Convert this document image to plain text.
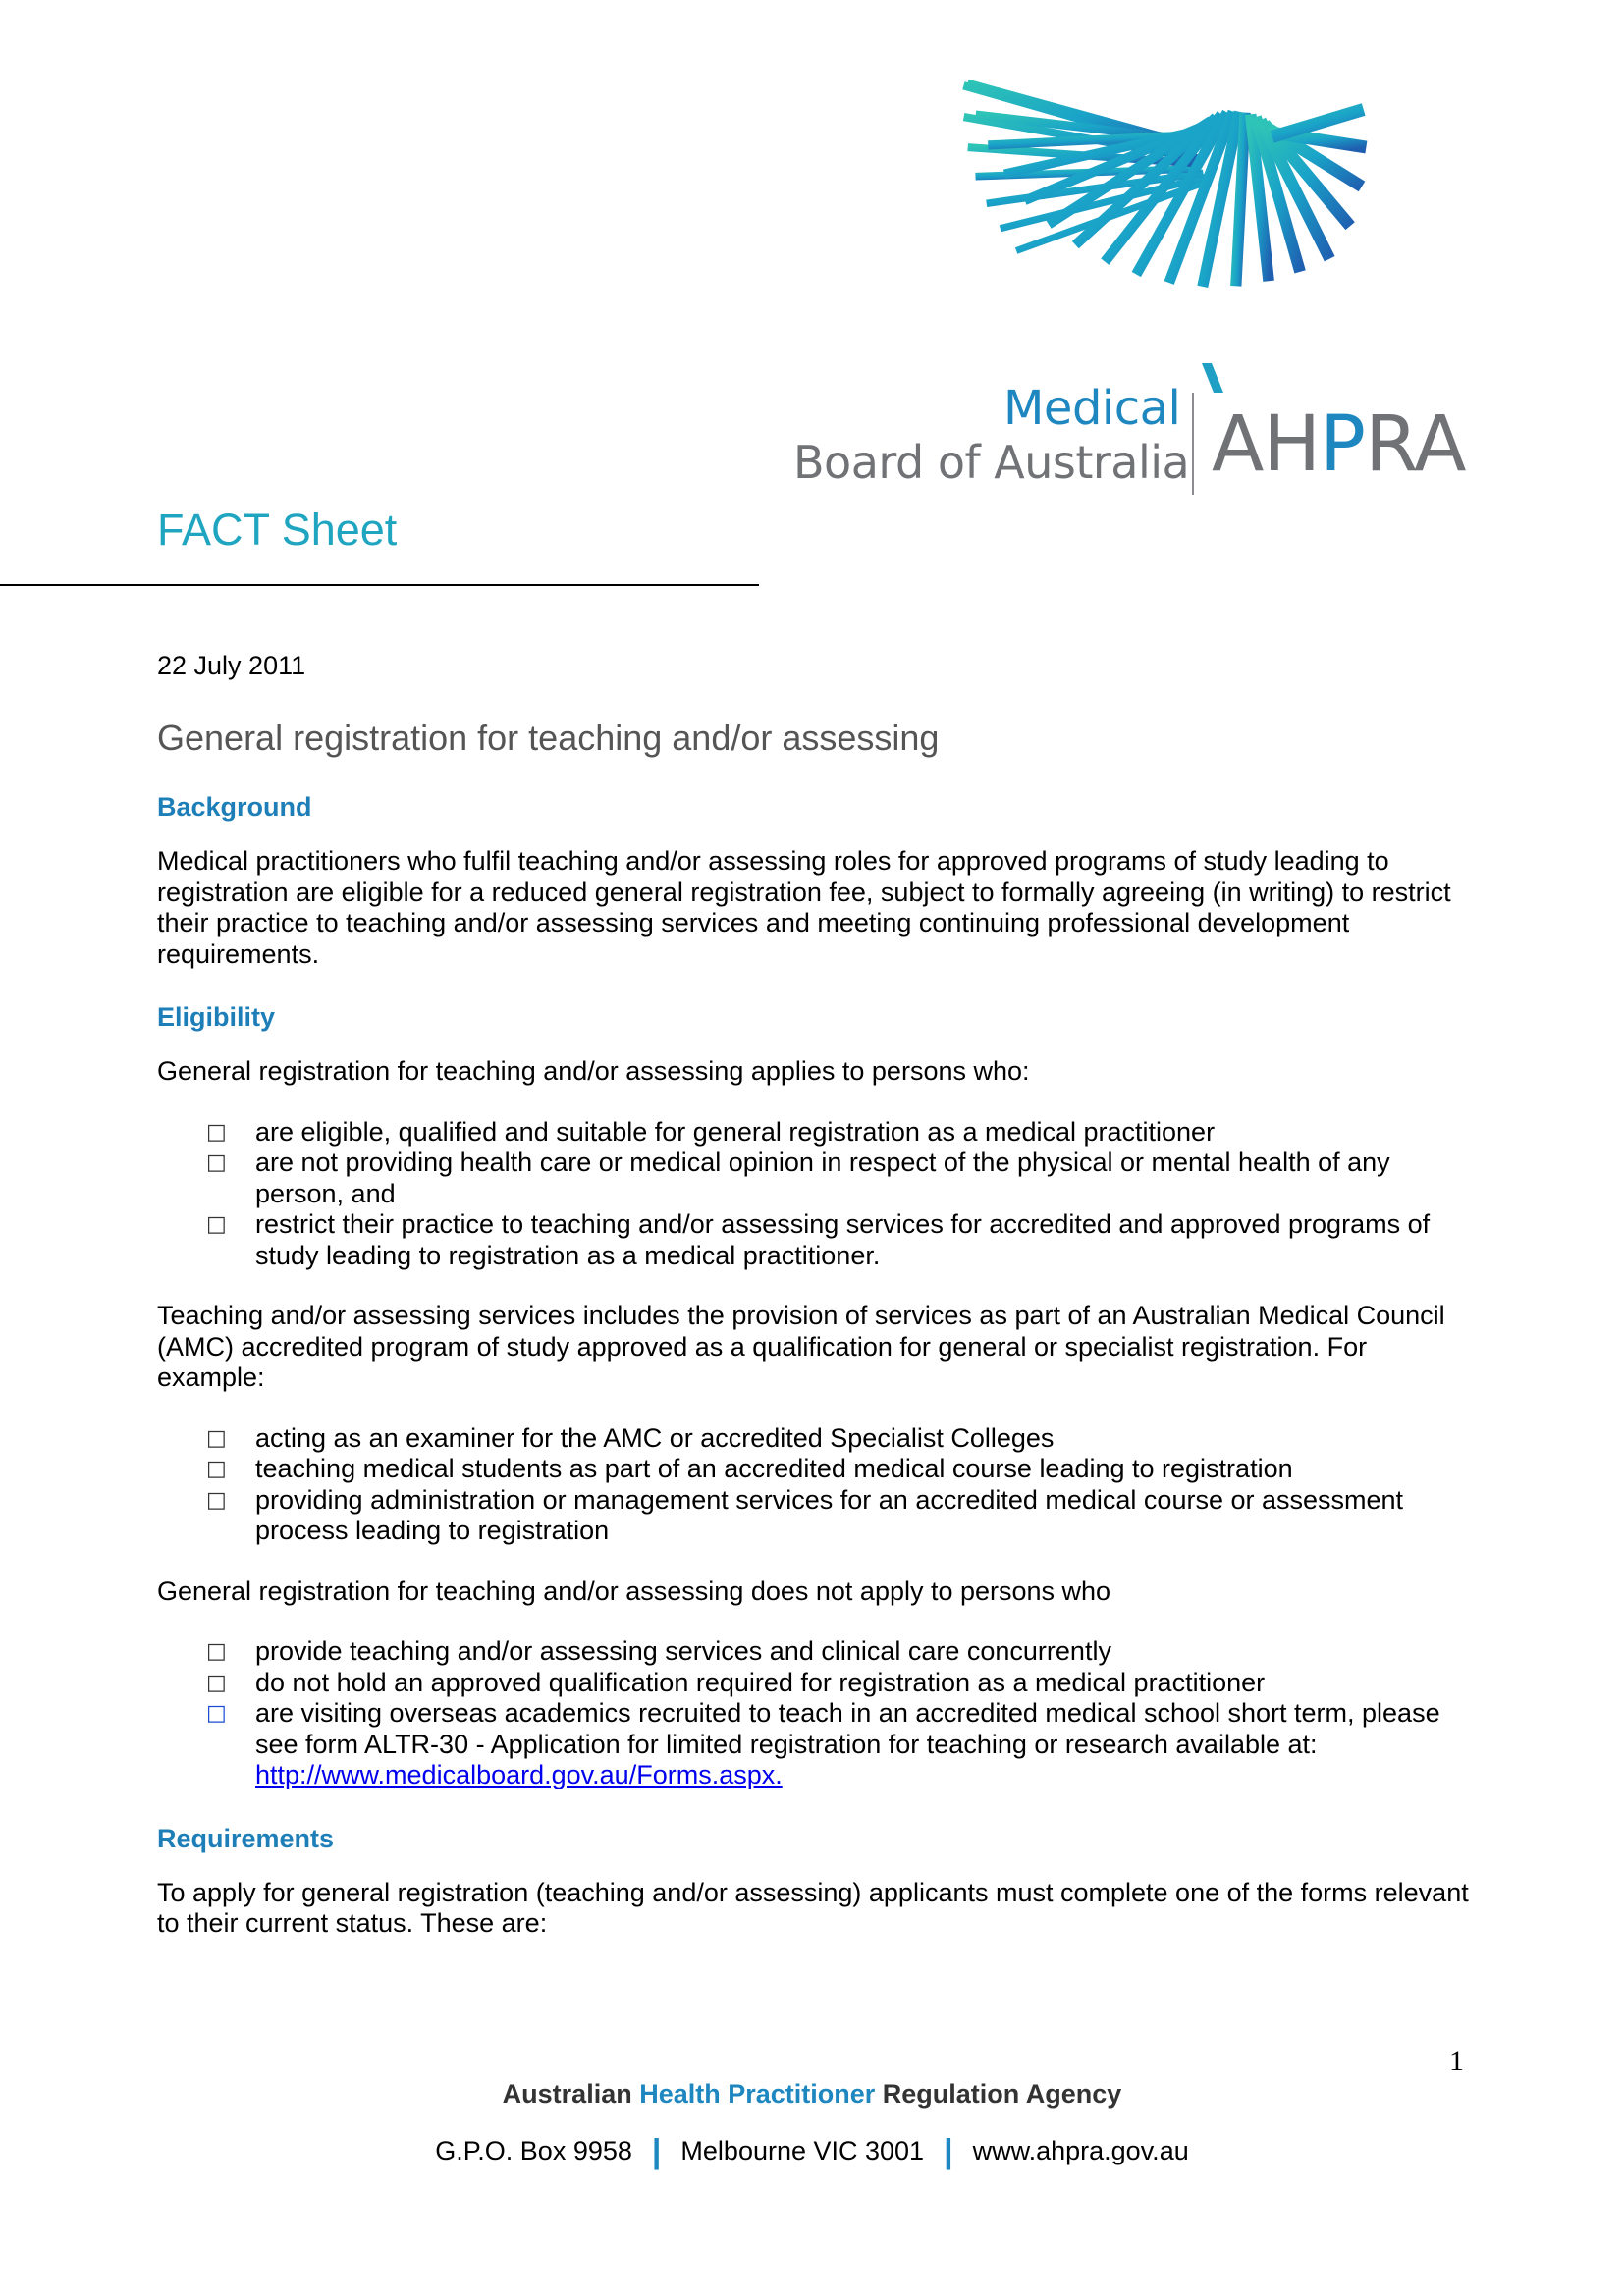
Medical
Board of Australia AHPRA
FACT Sheet
22 July 2011
General registration for teaching and/or assessing
Background

Medical practitioners who fulfil teaching and/or assessing roles for approved programs of study leading to registration are eligible for a reduced general registration fee, subject to formally agreeing (in writing) to restrict their practice to teaching and/or assessing services and meeting continuing professional development requirements.

Eligibility

General registration for teaching and/or assessing applies to persons who:

□ are eligible, qualified and suitable for general registration as a medical practitioner
□ are not providing health care or medical opinion in respect of the physical or mental health of any person, and
□ restrict their practice to teaching and/or assessing services for accredited and approved programs of study leading to registration as a medical practitioner.

Teaching and/or assessing services includes the provision of services as part of an Australian Medical Council (AMC) accredited program of study approved as a qualification for general or specialist registration. For example:

□ acting as an examiner for the AMC or accredited Specialist Colleges
□ teaching medical students as part of an accredited medical course leading to registration
□ providing administration or management services for an accredited medical course or assessment process leading to registration

General registration for teaching and/or assessing does not apply to persons who

□ provide teaching and/or assessing services and clinical care concurrently
□ do not hold an approved qualification required for registration as a medical practitioner
□ are visiting overseas academics recruited to teach in an accredited medical school short term, please see form ALTR-30 - Application for limited registration for teaching or research available at: http://www.medicalboard.gov.au/Forms.aspx.
Requirements

To apply for general registration (teaching and/or assessing) applicants must complete one of the forms relevant to their current status. These are:

1
Australian Health Practitioner Regulation Agency
G.P.O. Box 9958 | Melbourne VIC 3001 | www.ahpra.gov.au
